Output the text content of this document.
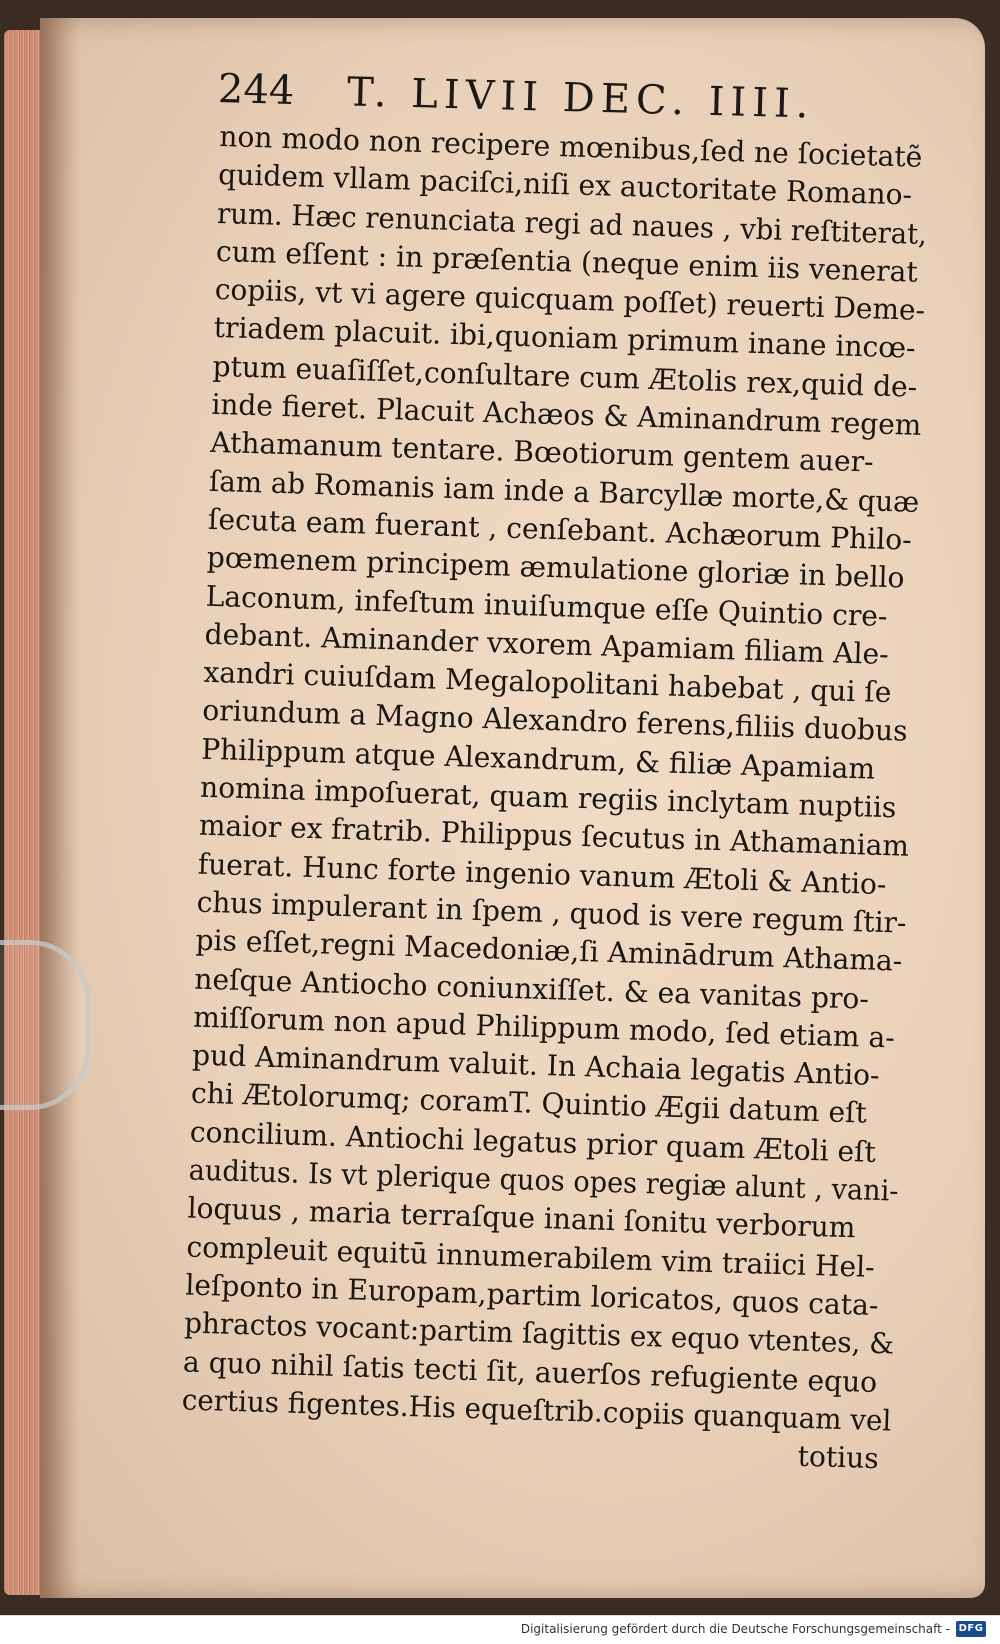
244 T. LIVII DEC. IIII.
non modo non recipere mœnibus,ſed ne ſocietatẽ
quidem vllam paciſci,niſi ex auctoritate Romano-
rum. Hæc renunciata regi ad naues , vbi reſtiterat,
cum eſſent : in præſentia (neque enim iis venerat
copiis, vt vi agere quicquam poſſet) reuerti Deme-
triadem placuit. ibi,quoniam primum inane incœ-
ptum euaſiſſet,conſultare cum Ætolis rex,quid de-
inde fieret. Placuit Achæos & Aminandrum regem
Athamanum tentare. Bœotiorum gentem auer-
ſam ab Romanis iam inde a Barcyllæ morte,& quæ
ſecuta eam fuerant , cenſebant. Achæorum Philo-
pœmenem principem æmulatione gloriæ in bello
Laconum, infeſtum inuiſumque eſſe Quintio cre-
debant. Aminander vxorem Apamiam filiam Ale-
xandri cuiuſdam Megalopolitani habebat , qui ſe
oriundum a Magno Alexandro ferens,filiis duobus
Philippum atque Alexandrum, & filiæ Apamiam
nomina impoſuerat, quam regiis inclytam nuptiis
maior ex fratrib. Philippus ſecutus in Athamaniam
fuerat. Hunc forte ingenio vanum Ætoli & Antio-
chus impulerant in ſpem , quod is vere regum ſtir-
pis eſſet,regni Macedoniæ,ſi Aminādrum Athama-
neſque Antiocho coniunxiſſet. & ea vanitas pro-
miſſorum non apud Philippum modo, ſed etiam a-
pud Aminandrum valuit. In Achaia legatis Antio-
chi Ætolorumq; coramT. Quintio Ægii datum eſt
concilium. Antiochi legatus prior quam Ætoli eſt
auditus. Is vt plerique quos opes regiæ alunt , vani-
loquus , maria terraſque inani ſonitu verborum
compleuit equitū innumerabilem vim traiici Hel-
leſponto in Europam,partim loricatos, quos cata-
phractos vocant:partim ſagittis ex equo vtentes, &
a quo nihil ſatis tecti ſit, auerſos refugiente equo
certius figentes.His equeſtrib.copiis quanquam vel
totius
Digitalisierung gefördert durch die Deutsche Forschungsgemeinschaft - DFG
